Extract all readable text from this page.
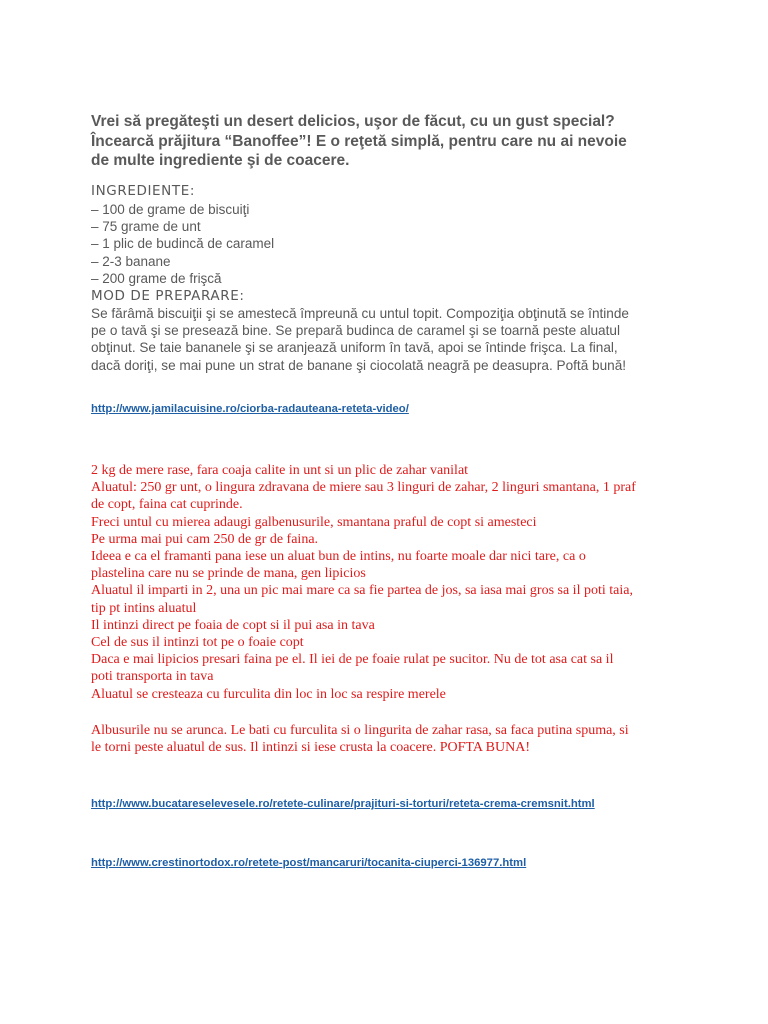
Vrei să pregăteşti un desert delicios, uşor de făcut, cu un gust special?
Încearcă prăjitura “Banoffee”! E o reţetă simplă, pentru care nu ai nevoie
de multe ingrediente şi de coacere.
INGREDIENTE:
– 100 de grame de biscuiţi
– 75 grame de unt
– 1 plic de budincă de caramel
– 2-3 banane
– 200 grame de frişcă
MOD DE PREPARARE:
Se fărâmă biscuiţii şi se amestecă împreună cu untul topit. Compoziţia obţinută se întinde
pe o tavă şi se presează bine. Se prepară budinca de caramel şi se toarnă peste aluatul
obţinut. Se taie bananele şi se aranjează uniform în tavă, apoi se întinde frişca. La final,
dacă doriţi, se mai pune un strat de banane şi ciocolată neagră pe deasupra. Poftă bună!
http://www.jamilacuisine.ro/ciorba-radauteana-reteta-video/
2 kg de mere rase, fara coaja calite in unt si un plic de zahar vanilat
Aluatul: 250 gr unt, o lingura zdravana de miere sau 3 linguri de zahar, 2 linguri smantana, 1 praf
de copt, faina cat cuprinde.
Freci untul cu mierea adaugi galbenusurile, smantana praful de copt si amesteci
Pe urma mai pui cam 250 de gr de faina.
Ideea e ca el framanti pana iese un aluat bun de intins, nu foarte moale dar nici tare, ca o
plastelina care nu se prinde de mana, gen lipicios
Aluatul il imparti in 2, una un pic mai mare ca sa fie partea de jos, sa iasa mai gros sa il poti taia,
tip pt intins aluatul
Il intinzi direct pe foaia de copt si il pui asa in tava
Cel de sus il intinzi tot pe o foaie copt
Daca e mai lipicios presari faina pe el. Il iei de pe foaie rulat pe sucitor. Nu de tot asa cat sa il
poti transporta in tava
Aluatul se cresteaza cu furculita din loc in loc sa respire merele
Albusurile nu se arunca. Le bati cu furculita si o lingurita de zahar rasa, sa faca putina spuma, si
le torni peste aluatul de sus. Il intinzi si iese crusta la coacere. POFTA BUNA!
http://www.bucatareselevesele.ro/retete-culinare/prajituri-si-torturi/reteta-crema-cremsnit.html
http://www.crestinortodox.ro/retete-post/mancaruri/tocanita-ciuperci-136977.html
